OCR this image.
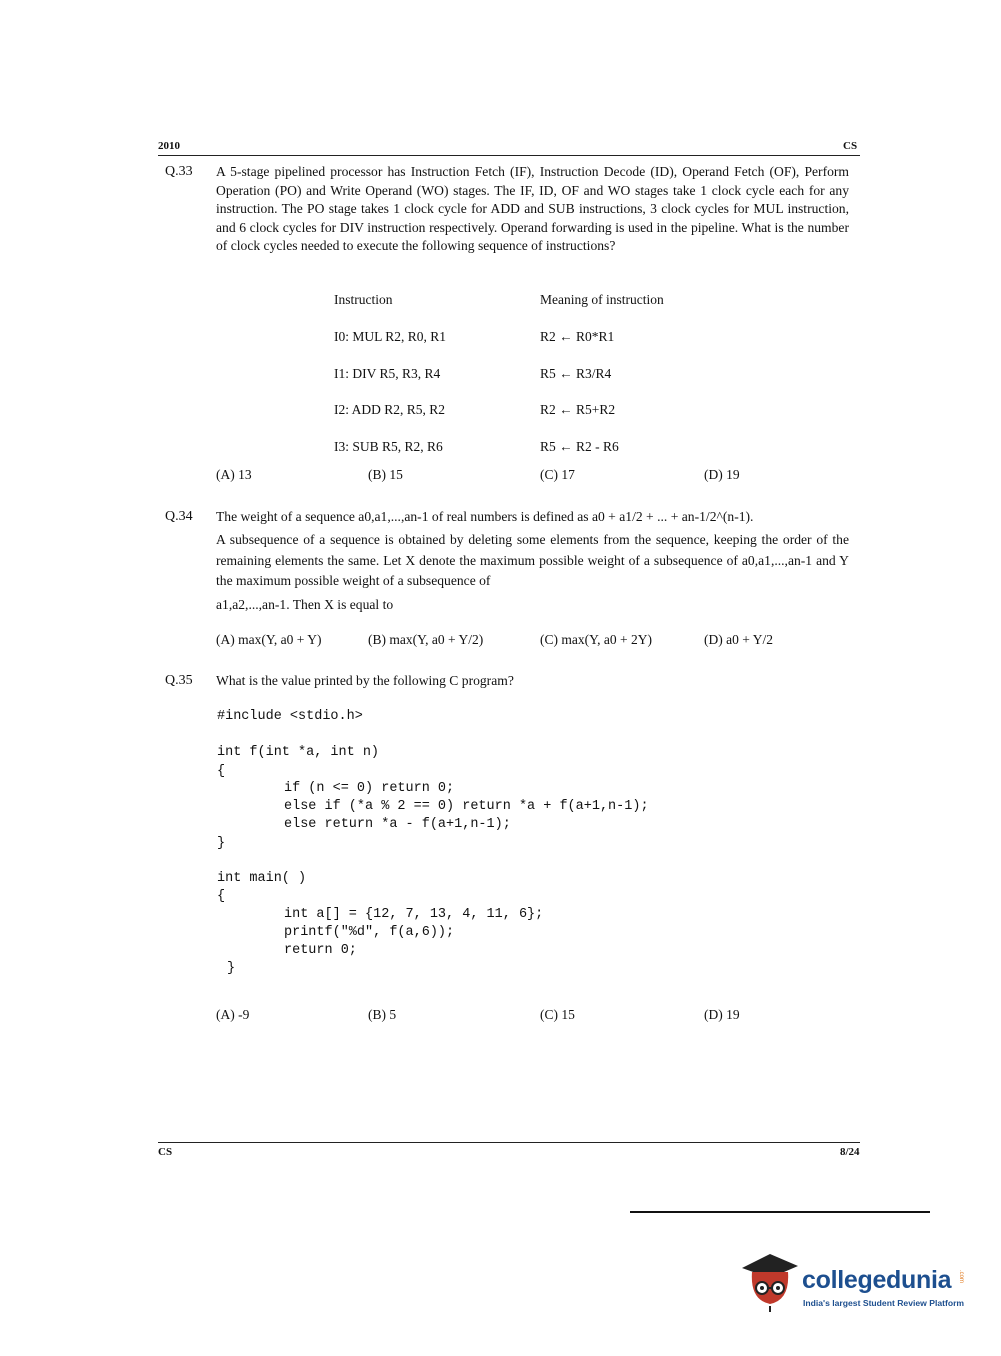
2010	CS
Q.33 A 5-stage pipelined processor has Instruction Fetch (IF), Instruction Decode (ID), Operand Fetch (OF), Perform Operation (PO) and Write Operand (WO) stages. The IF, ID, OF and WO stages take 1 clock cycle each for any instruction. The PO stage takes 1 clock cycle for ADD and SUB instructions, 3 clock cycles for MUL instruction, and 6 clock cycles for DIV instruction respectively. Operand forwarding is used in the pipeline. What is the number of clock cycles needed to execute the following sequence of instructions?
Instruction	Meaning of instruction
I0: MUL R2, R0, R1	R2 ← R0*R1
I1: DIV R5, R3, R4	R5 ← R3/R4
I2: ADD R2, R5, R2	R2 ← R5+R2
I3: SUB R5, R2, R6	R5 ← R2 - R6
(A) 13	(B) 15	(C) 17	(D) 19
Q.34 The weight of a sequence a0,a1,...,an-1 of real numbers is defined as a0 + a1/2 + ... + an-1/2^(n-1).
A subsequence of a sequence is obtained by deleting some elements from the sequence, keeping the order of the remaining elements the same. Let X denote the maximum possible weight of a subsequence of a0,a1,...,an-1 and Y the maximum possible weight of a subsequence of
a1,a2,...,an-1. Then X is equal to
(A) max(Y, a0 + Y)	(B) max(Y, a0 + Y/2)	(C) max(Y, a0 + 2Y)	(D) a0 + Y/2
Q.35 What is the value printed by the following C program?
#include <stdio.h>
int f(int *a, int n)
{
if (n <= 0) return 0;
else if (*a % 2 == 0) return *a + f(a+1,n-1);
else return *a - f(a+1,n-1);
}
int main( )
{
int a[] = {12, 7, 13, 4, 11, 6};
printf("%d", f(a,6));
return 0;
}
(A) -9	(B) 5	(C) 15	(D) 19
CS	8/24
collegedunia .com
India's largest Student Review Platform
